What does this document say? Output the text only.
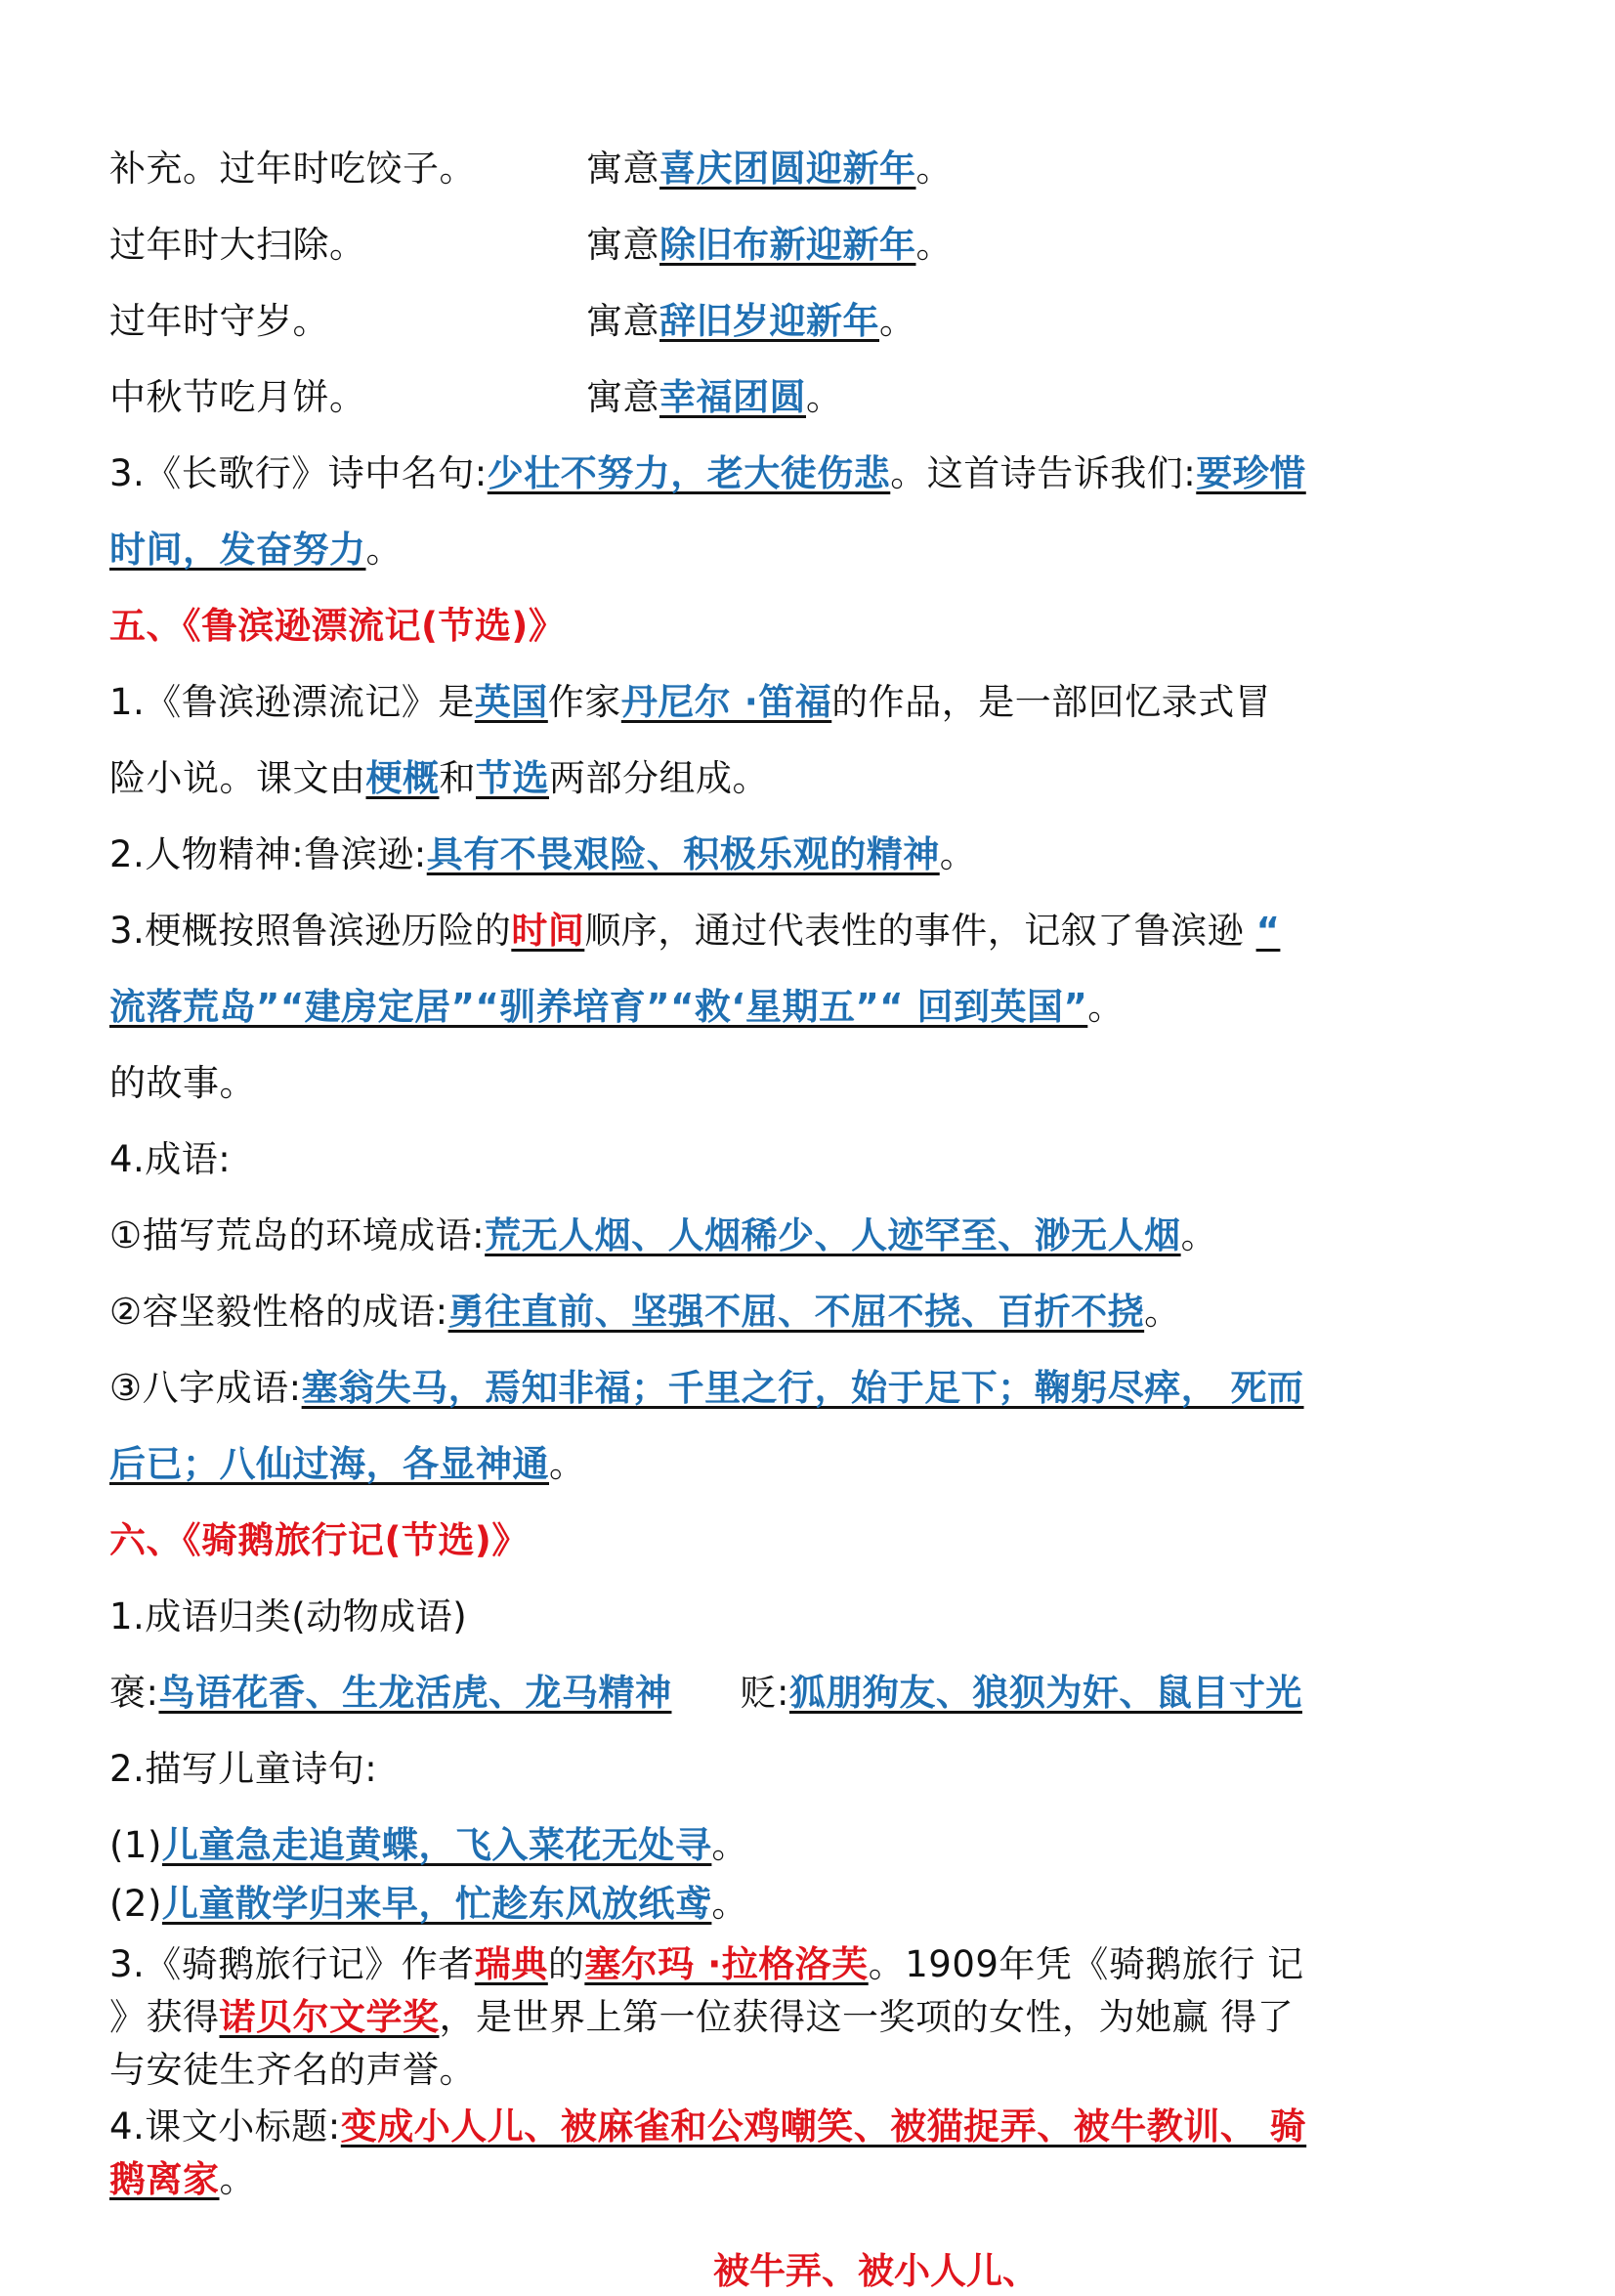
补充。过年时吃饺子。	寓意喜庆团圆迎新年。
过年时大扫除。	寓意除旧布新迎新年。
过年时守岁。	寓意辞旧岁迎新年。
中秋节吃月饼。	寓意幸福团圆。
3.《长歌行》诗中名句:少壮不努力，老大徒伤悲。这首诗告诉我们:要珍惜
时间，发奋努力。
五、《鲁滨逊漂流记(节选)》
1.《鲁滨逊漂流记》是英国作家丹尼尔 ·笛福的作品，是一部回忆录式冒
险小说。课文由梗概和节选两部分组成。
2.人物精神:鲁滨逊:具有不畏艰险、积极乐观的精神。
3.梗概按照鲁滨逊历险的时间顺序，通过代表性的事件，记叙了鲁滨逊 “
流落荒岛”“建房定居”“驯养培育”“救‘星期五”“ 回到英国”。
的故事。
4.成语:
①描写荒岛的环境成语:荒无人烟、人烟稀少、人迹罕至、渺无人烟。
②容坚毅性格的成语:勇往直前、坚强不屈、不屈不挠、百折不挠。
③八字成语:塞翁失马，焉知非福；千里之行，始于足下；鞠躬尽瘁， 死而
后已；八仙过海，各显神通。
六、《骑鹅旅行记(节选)》
1.成语归类(动物成语)
褒:鸟语花香、生龙活虎、龙马精神 贬:狐朋狗友、狼狈为奸、鼠目寸光
2.描写儿童诗句:
(1)儿童急走追黄蝶，飞入菜花无处寻。
(2)儿童散学归来早，忙趁东风放纸鸢。
3.《骑鹅旅行记》作者瑞典的塞尔玛 ·拉格洛芙。1909年凭《骑鹅旅行 记
》获得诺贝尔文学奖，是世界上第一位获得这一奖项的女性，为她赢 得了
与安徒生齐名的声誉。
4.课文小标题:变成小人儿、被麻雀和公鸡嘲笑、被猫捉弄、被牛教训、 骑
鹅离家。
被牛弄、被小人儿、
